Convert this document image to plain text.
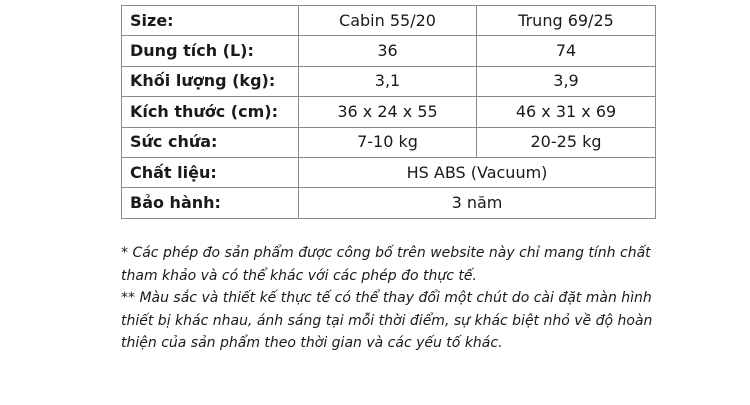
Size:	Cabin 55/20	Trung 69/25
Dung tích (L):	36	74
Khối lượng (kg):	3,1	3,9
Kích thước (cm):	36 x 24 x 55	46 x 31 x 69
Sức chứa:	7-10 kg	20-25 kg
Chất liệu:	HS ABS (Vacuum)	
Bảo hành:	3 năm	

* Các phép đo sản phẩm được công bố trên website này chỉ mang tính chất tham khảo và có thể khác với các phép đo thực tế.

** Màu sắc và thiết kế thực tế có thể thay đổi một chút do cài đặt màn hình thiết bị khác nhau, ánh sáng tại mỗi thời điểm, sự khác biệt nhỏ về độ hoàn thiện của sản phẩm theo thời gian và các yếu tố khác.
